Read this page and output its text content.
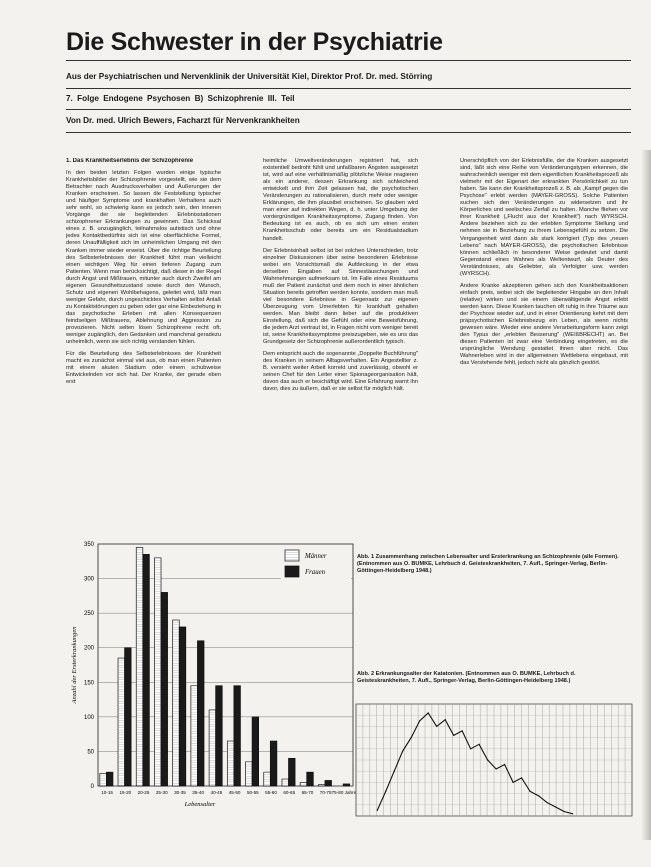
Die Schwester in der Psychiatrie
Aus der Psychiatrischen und Nervenklinik der Universität Kiel, Direktor Prof. Dr. med. Störring
7. Folge Endogene Psychosen B) Schizophrenie III. Teil
Von Dr. med. Ulrich Bewers, Facharzt für Nervenkrankheiten
1. Das Krankheitserlebnis der Schizophrenie

In den beiden letzten Folgen wurden einige typische Krankheitsbilder der Schizophrenie vorgestellt, wie sie dem Betrachter nach Ausdrucksverhalten und Äußerungen der Kranken erscheinen. So lassen die Feststellung typischer und häufiger Symptome und krankhaften Verhaltens auch sehr wohl, so schwierig kann es jedoch sein, den inneren Vorgänge der sie begleitenden Erlebnisstationen schizophrener Erkrankungen zu gewinnen. Das Schicksal eines z. B. unzugänglich, teilnahmslos autistisch und ohne jedes Kontaktbedürfnis sich ist eine oberflächliche Formel, deren Unauffälligkeit sich im unheimlichen Umgang mit den Kranken immer wieder erweist. Über die richtige Beurteilung des Selbsterlebnisses der Krankheit führt man vielleicht einen wichtigen Weg für einen tieferen Zugang zum Patienten. Wenn man berücksichtigt, daß dieser in der Regel durch Angst und Mißtrauen, mitunter auch durch Zweifel am eigenen Gesundheitszustand sowie durch den Wunsch, Schutz und eigenen Wohlbehagens, geleitet wird, läßt man weniger Gefahr, durch ungeschicktes Verhalten selbst Anlaß zu Kontaktstörungen zu geben oder gar eine Einbeziehung in das psychotische Erleben mit allen Konsequenzen feindseligen Mißtrauens, Ablehnung und Aggression zu provozieren. Nicht selten lösen Schizophrene recht oft, weniger zugänglich, den Gedanken und manchmal geradezu unheimlich, wenn sie sich richtig verstanden fühlen.

Für die Beurteilung des Selbsterlebnisses der Krankheit macht es zunächst einmal viel aus, ob man einen Patienten mit einem akuten Stadium oder einem schubweise Entwickelnden vor sich hat. Der Kranke, der gerade eben erst

heimliche Umweltveränderungen registriert hat, sich existentiell bedroht fühlt und unfaßbaren Ängsten ausgesetzt ist, wird auf eine verhältnismäßig plötzliche Weise reagieren als ein anderer, dessen Erkrankung sich schleichend entwickelt und ihm Zeit gelassen hat, die psychotischen Veränderungen zu rationalisieren, durch mehr oder weniger Erklärungen, die ihm plausibel erscheinen. So glauben wird man einer auf indirekten Wegen, d. h. unter Umgebung der vordergründigen Krankheitssymptome, Zugang finden. Von Bedeutung ist es auch, ob es sich um einen ersten Krankheitsschub oder bereits um ein Residualstadium handelt.

Der Erlebnisinhalt selbst ist bei solchen Unterschieden, trotz einzelner Diskussionen über seine besonderen Erlebnisse wobei ein Vorsichtsmaß die Aufdeckung in der etwa derselben Eingaben auf Sinnestäuschungen und Wahrnehmungen aufmerksam ist. Im Falle eines Residuums muß der Patient zunächst und dem noch in einer ähnlichen Situation bereits getroffen werden konnte, sondern man muß viel besondere Erlebnisse in Gegensatz zur eigenen Überzeugung vom Umerlebten für krankhaft gehalten werden. Man bleibt dann lieber auf die produktiven Einstellung, daß sich die Gefühl oder eine Beweisführung, die jedem Arzt vertraut ist, in Fragen nicht vom weniger bereit ist, seine Krankheitssymptome preiszugeben, wie es uns das Grundgesetz der Schizophrenie außerordentlich typisch.

Dem entspricht auch die sogenannte „Doppelte Buchführung" des Kranken in seinem Alltagsverhalten. Ein Angestellter z. B. versieht weiter Arbeit korrekt und zuverlässig, obwohl er seinen Chef für den Leiter einer Spionageorganisation hält, davon das auch er beschäftigt wird. Eine Erfahrung warnt ihn davor, dies zu äußern, daß er sie selbst für möglich hält.

Unerschöpflich von der Erlebnisfülle, der die Kranken ausgesetzt sind, läßt sich eine Reihe von Veränderungstypen erkennen, die wahrscheinlich weniger mit dem eigentlichen Krankheitsprozeß als vielmehr mit der Eigenart der erkrankten Persönlichkeit zu tun haben. Sie kann der Krankheitsprozeß z. B. als „Kampf gegen die Psychose" erlebt werden (MAYER-GROSS). Solche Patienten suchen sich den Veränderungen zu widersetzen und ihr Körperliches und seelisches Zerfall zu halten. Manche fliehen vor ihrer Krankheit („Flucht aus der Krankheit") nach WYRSCH. Andere beziehen sich zu der erlebten Symptome Stellung und nehmen sie in Beziehung zu ihrem Lebensgefühl zu setzen. Die Vergangenheit wird dann als stark korrigiert (Typ des „neuen Lebens" nach MAYER-GROSS), die psychotischen Erlebnisse können schließlich in besonderer Weise gedeutet und damit Gegenstand eines Wahnes als Weltentwurf, als Deuter des Verständnisses, als Geliebter, als Verfolgter usw. werden (WYRSCH).

Andere Kranke akzeptieren gehen sich den Krankheitsaktionen einfach preis, wobei sich die begleitender Hingabe an den Inhalt (relative) wirken und sie einem überwältigende Angst erlebt werden kann. Diese Kranken tauchen oft ruhig in ihre Träume aus der Psychose wieder auf, und in einer Orientierung kehrt mit dem präpsychotischen Erlebnisbezug ein Leben, als wenn nichts gewesen wäre. Wieder eine andere Verarbeitungsform kann zeigt den Typus der „erlebten Besserung" (WEIßBRECHT) an. Bei diesen Patienten ist zwar eine Verbindung eingetreten, es die ursprüngliche Wendung gestattet ihnen aber nicht. Das Wahnerleben wird in der allgemeinen Weltlebens eingebaut, mit das Verstehende fehlt, jedoch nicht als gänzlich gestört.

0
50
100
150
200
250
300
350
10-15 15-20 20-25 25-30 30-35 35-40 40-45 45-50 50-55 55-60 60-65 65-70 70-75 75-80 Jahre
Lebensalter
Anzahl der Ersterkrankungen
Männer
Frauen
Abb. 1 Zusammenhang zwischen Lebensalter und Ersterkrankung an Schizophrenie (alle Formen). (Entnommen aus O. BUMKE, Lehrbuch d. Geisteskrankheiten, 7. Aufl., Springer-Verlag, Berlin-Göttingen-Heidelberg 1948.)
Abb. 2 Erkrankungsalter der Katatonien. (Entnommen aus O. BUMKE, Lehrbuch d. Geisteskrankheiten, 7. Aufl., Springer-Verlag, Berlin-Göttingen-Heidelberg 1948.)
